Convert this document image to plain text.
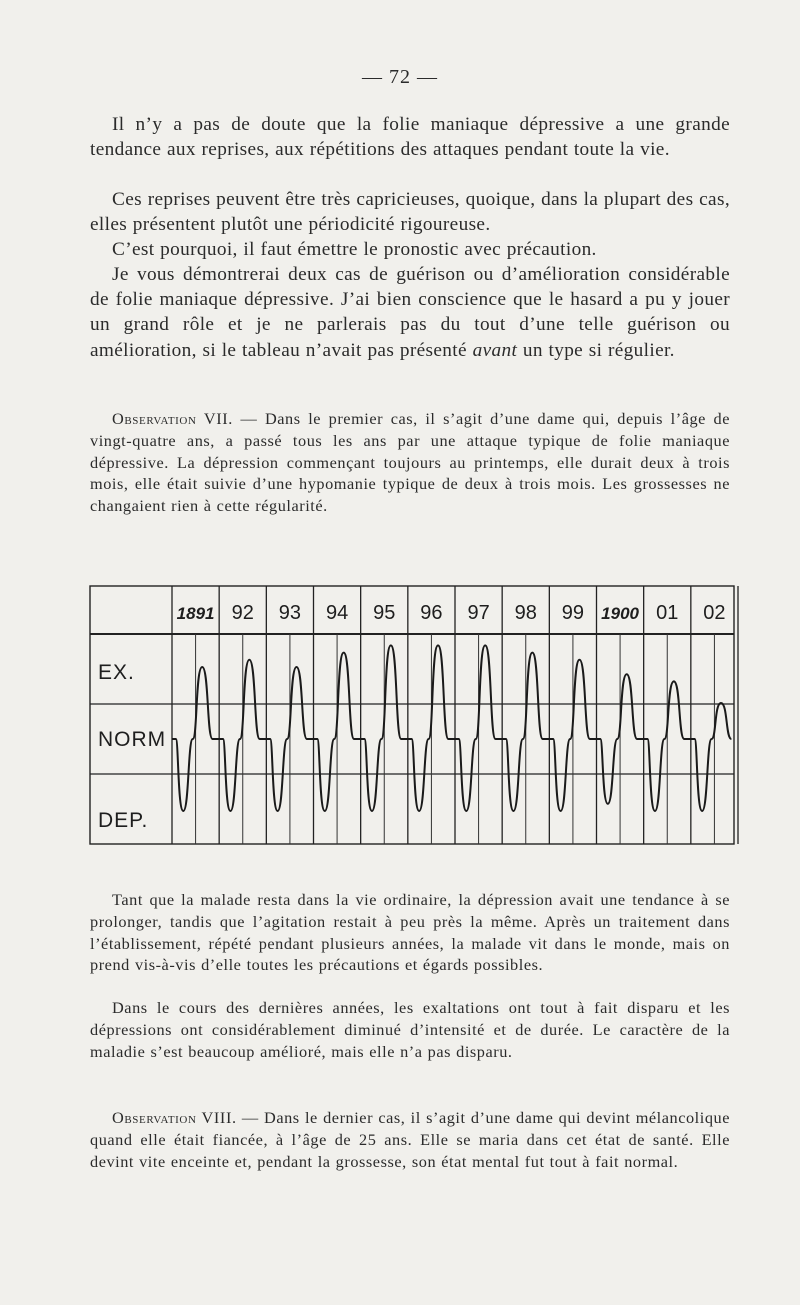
— 72 —

Il n’y a pas de doute que la folie maniaque dépressive a une grande tendance aux reprises, aux répétitions des attaques pendant toute la vie.

Ces reprises peuvent être très capricieuses, quoique, dans la plupart des cas, elles présentent plutôt une périodicité rigoureuse.

C’est pourquoi, il faut émettre le pronostic avec précaution.

Je vous démontrerai deux cas de guérison ou d’amélioration considérable de folie maniaque dépressive. J’ai bien conscience que le hasard a pu y jouer un grand rôle et je ne parlerais pas du tout d’une telle guérison ou amélioration, si le tableau n’avait pas présenté avant un type si régulier.

Observation VII. — Dans le premier cas, il s’agit d’une dame qui, depuis l’âge de vingt-quatre ans, a passé tous les ans par une attaque typique de folie maniaque dépressive. La dépression commençant toujours au printemps, elle durait deux à trois mois, elle était suivie d’une hypomanie typique de deux à trois mois. Les grossesses ne changaient rien à cette régularité.

1891 92 93 94 95 96 97 98 99 1900 01 02
EX.
NORM
DEP.

Tant que la malade resta dans la vie ordinaire, la dépression avait une tendance à se prolonger, tandis que l’agitation restait à peu près la même. Après un traitement dans l’établissement, répété pendant plusieurs années, la malade vit dans le monde, mais on prend vis-à-vis d’elle toutes les précautions et égards possibles.

Dans le cours des dernières années, les exaltations ont tout à fait disparu et les dépressions ont considérablement diminué d’intensité et de durée. Le caractère de la maladie s’est beaucoup amélioré, mais elle n’a pas disparu.

Observation VIII. — Dans le dernier cas, il s’agit d’une dame qui devint mélancolique quand elle était fiancée, à l’âge de 25 ans. Elle se maria dans cet état de santé. Elle devint vite enceinte et, pendant la grossesse, son état mental fut tout à fait normal.
